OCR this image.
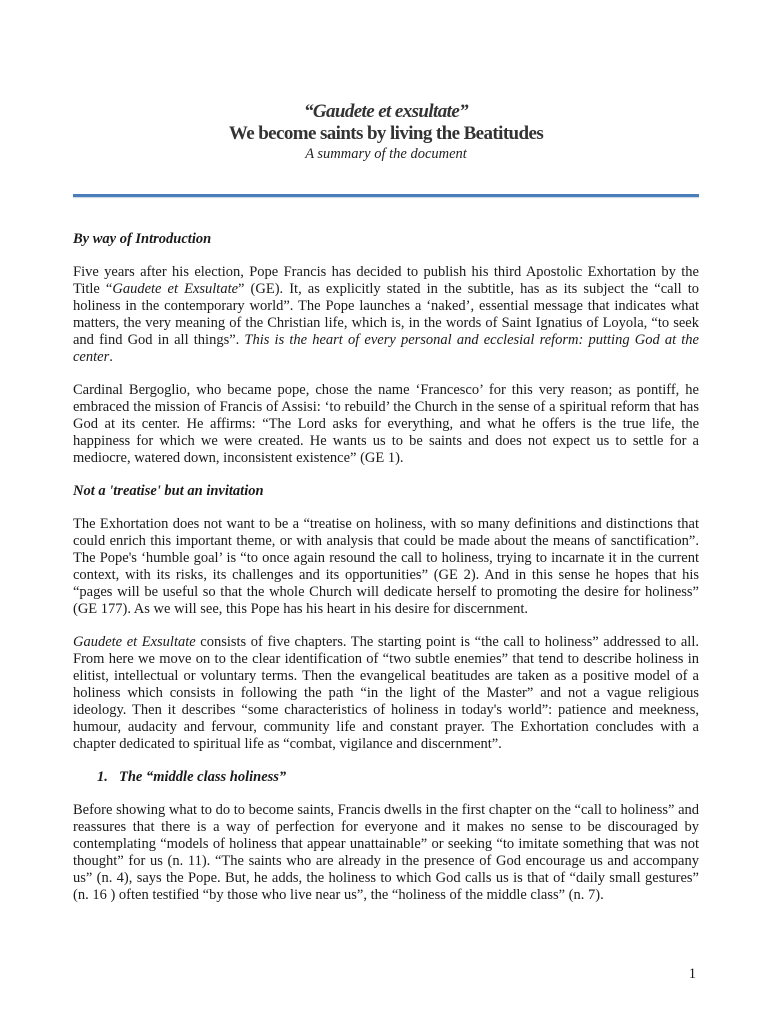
“Gaudete et exsultate”
We become saints by living the Beatitudes
A summary of the document

By way of Introduction

Five years after his election, Pope Francis has decided to publish his third Apostolic Exhortation by the Title “Gaudete et Exsultate” (GE). It, as explicitly stated in the subtitle, has as its subject the “call to holiness in the contemporary world”. The Pope launches a ‘naked’, essential message that indicates what matters, the very meaning of the Christian life, which is, in the words of Saint Ignatius of Loyola, “to seek and find God in all things”. This is the heart of every personal and ecclesial reform: putting God at the center.

Cardinal Bergoglio, who became pope, chose the name ‘Francesco’ for this very reason; as pontiff, he embraced the mission of Francis of Assisi: ‘to rebuild’ the Church in the sense of a spiritual reform that has God at its center. He affirms: “The Lord asks for everything, and what he offers is the true life, the happiness for which we were created. He wants us to be saints and does not expect us to settle for a mediocre, watered down, inconsistent existence” (GE 1).

Not a 'treatise' but an invitation

The Exhortation does not want to be a “treatise on holiness, with so many definitions and distinctions that could enrich this important theme, or with analysis that could be made about the means of sanctification”. The Pope's ‘humble goal’ is “to once again resound the call to holiness, trying to incarnate it in the current context, with its risks, its challenges and its opportunities” (GE 2). And in this sense he hopes that his “pages will be useful so that the whole Church will dedicate herself to promoting the desire for holiness” (GE 177). As we will see, this Pope has his heart in his desire for discernment.

Gaudete et Exsultate consists of five chapters. The starting point is “the call to holiness” addressed to all. From here we move on to the clear identification of “two subtle enemies” that tend to describe holiness in elitist, intellectual or voluntary terms. Then the evangelical beatitudes are taken as a positive model of a holiness which consists in following the path “in the light of the Master” and not a vague religious ideology. Then it describes “some characteristics of holiness in today's world”: patience and meekness, humour, audacity and fervour, community life and constant prayer. The Exhortation concludes with a chapter dedicated to spiritual life as “combat, vigilance and discernment”.

1. The “middle class holiness”

Before showing what to do to become saints, Francis dwells in the first chapter on the “call to holiness” and reassures that there is a way of perfection for everyone and it makes no sense to be discouraged by contemplating “models of holiness that appear unattainable” or seeking “to imitate something that was not thought” for us (n. 11). “The saints who are already in the presence of God encourage us and accompany us” (n. 4), says the Pope. But, he adds, the holiness to which God calls us is that of “daily small gestures” (n. 16 ) often testified “by those who live near us”, the “holiness of the middle class” (n. 7).

1
